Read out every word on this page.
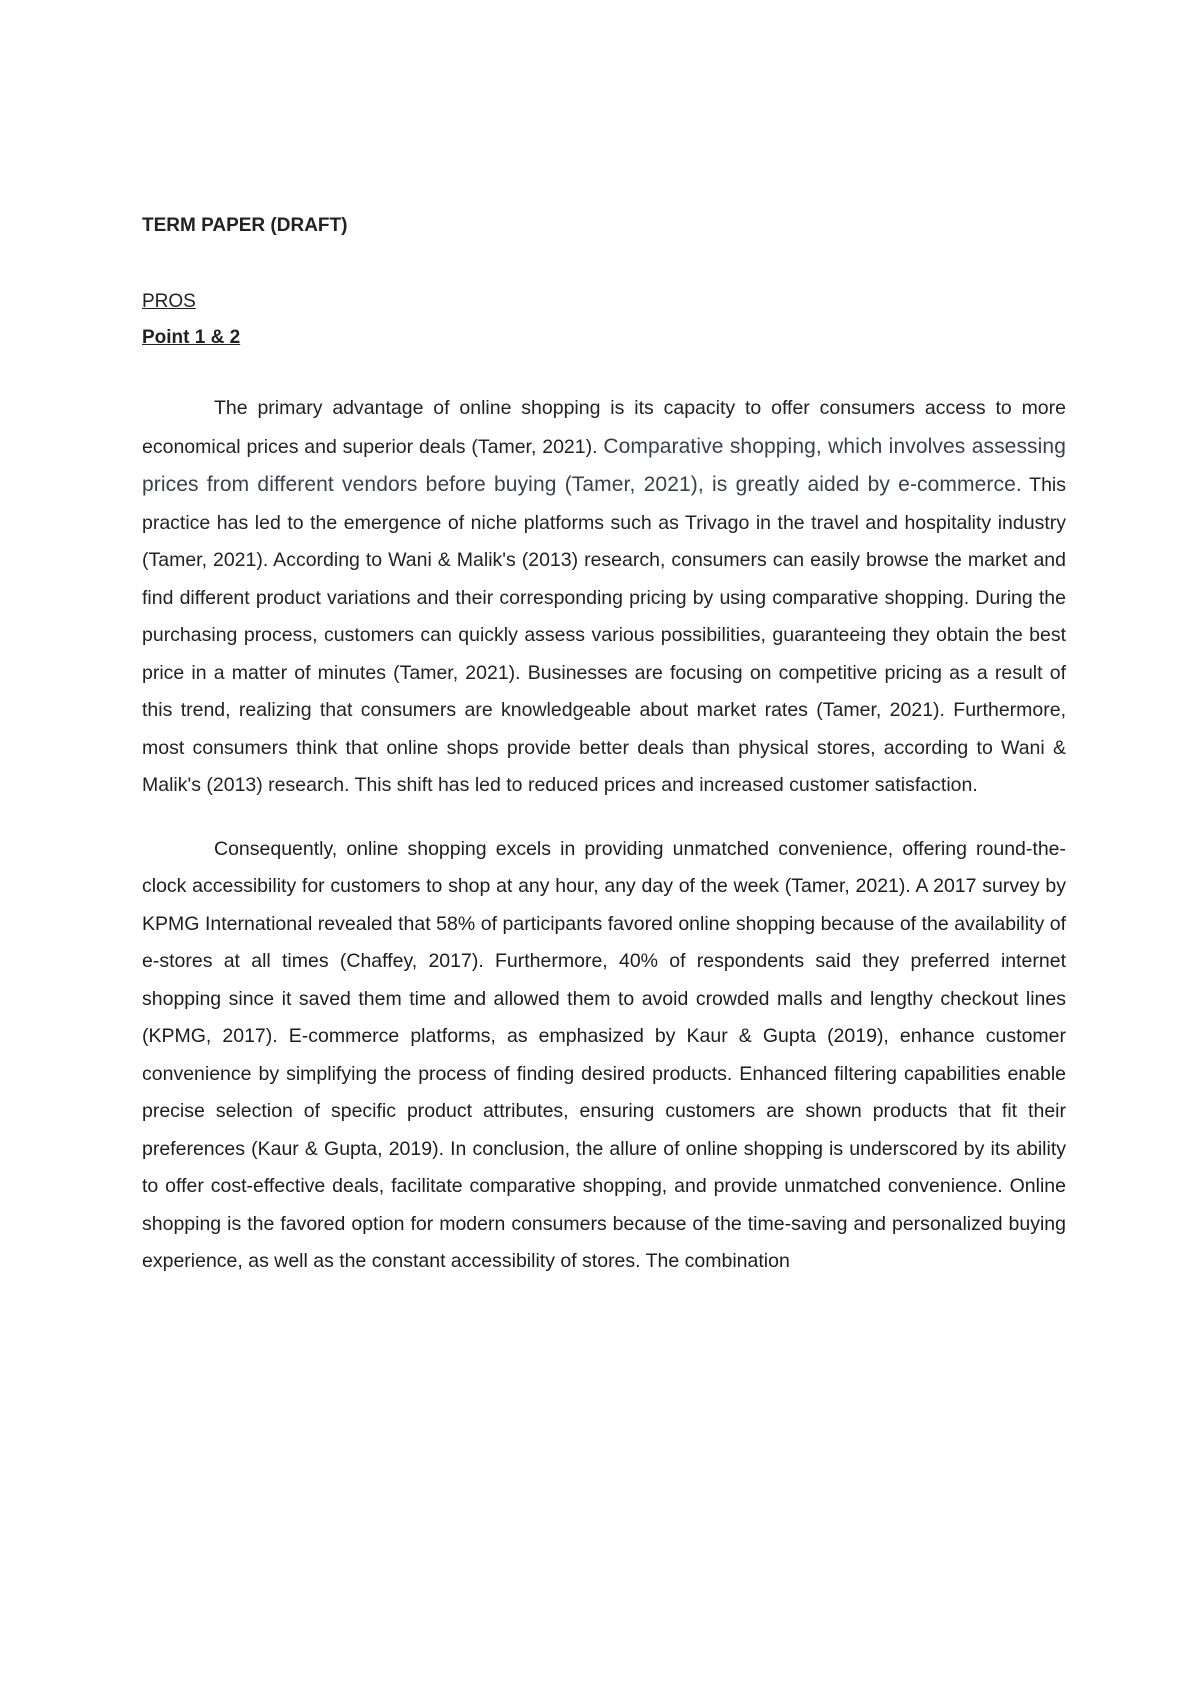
TERM PAPER (DRAFT)

PROS

Point 1 & 2

The primary advantage of online shopping is its capacity to offer consumers access to more economical prices and superior deals (Tamer, 2021). Comparative shopping, which involves assessing prices from different vendors before buying (Tamer, 2021), is greatly aided by e-commerce. This practice has led to the emergence of niche platforms such as Trivago in the travel and hospitality industry (Tamer, 2021). According to Wani & Malik's (2013) research, consumers can easily browse the market and find different product variations and their corresponding pricing by using comparative shopping. During the purchasing process, customers can quickly assess various possibilities, guaranteeing they obtain the best price in a matter of minutes (Tamer, 2021). Businesses are focusing on competitive pricing as a result of this trend, realizing that consumers are knowledgeable about market rates (Tamer, 2021). Furthermore, most consumers think that online shops provide better deals than physical stores, according to Wani & Malik's (2013) research. This shift has led to reduced prices and increased customer satisfaction.

Consequently, online shopping excels in providing unmatched convenience, offering round-the-clock accessibility for customers to shop at any hour, any day of the week (Tamer, 2021). A 2017 survey by KPMG International revealed that 58% of participants favored online shopping because of the availability of e-stores at all times (Chaffey, 2017). Furthermore, 40% of respondents said they preferred internet shopping since it saved them time and allowed them to avoid crowded malls and lengthy checkout lines (KPMG, 2017). E-commerce platforms, as emphasized by Kaur & Gupta (2019), enhance customer convenience by simplifying the process of finding desired products. Enhanced filtering capabilities enable precise selection of specific product attributes, ensuring customers are shown products that fit their preferences (Kaur & Gupta, 2019). In conclusion, the allure of online shopping is underscored by its ability to offer cost-effective deals, facilitate comparative shopping, and provide unmatched convenience. Online shopping is the favored option for modern consumers because of the time-saving and personalized buying experience, as well as the constant accessibility of stores. The combination
